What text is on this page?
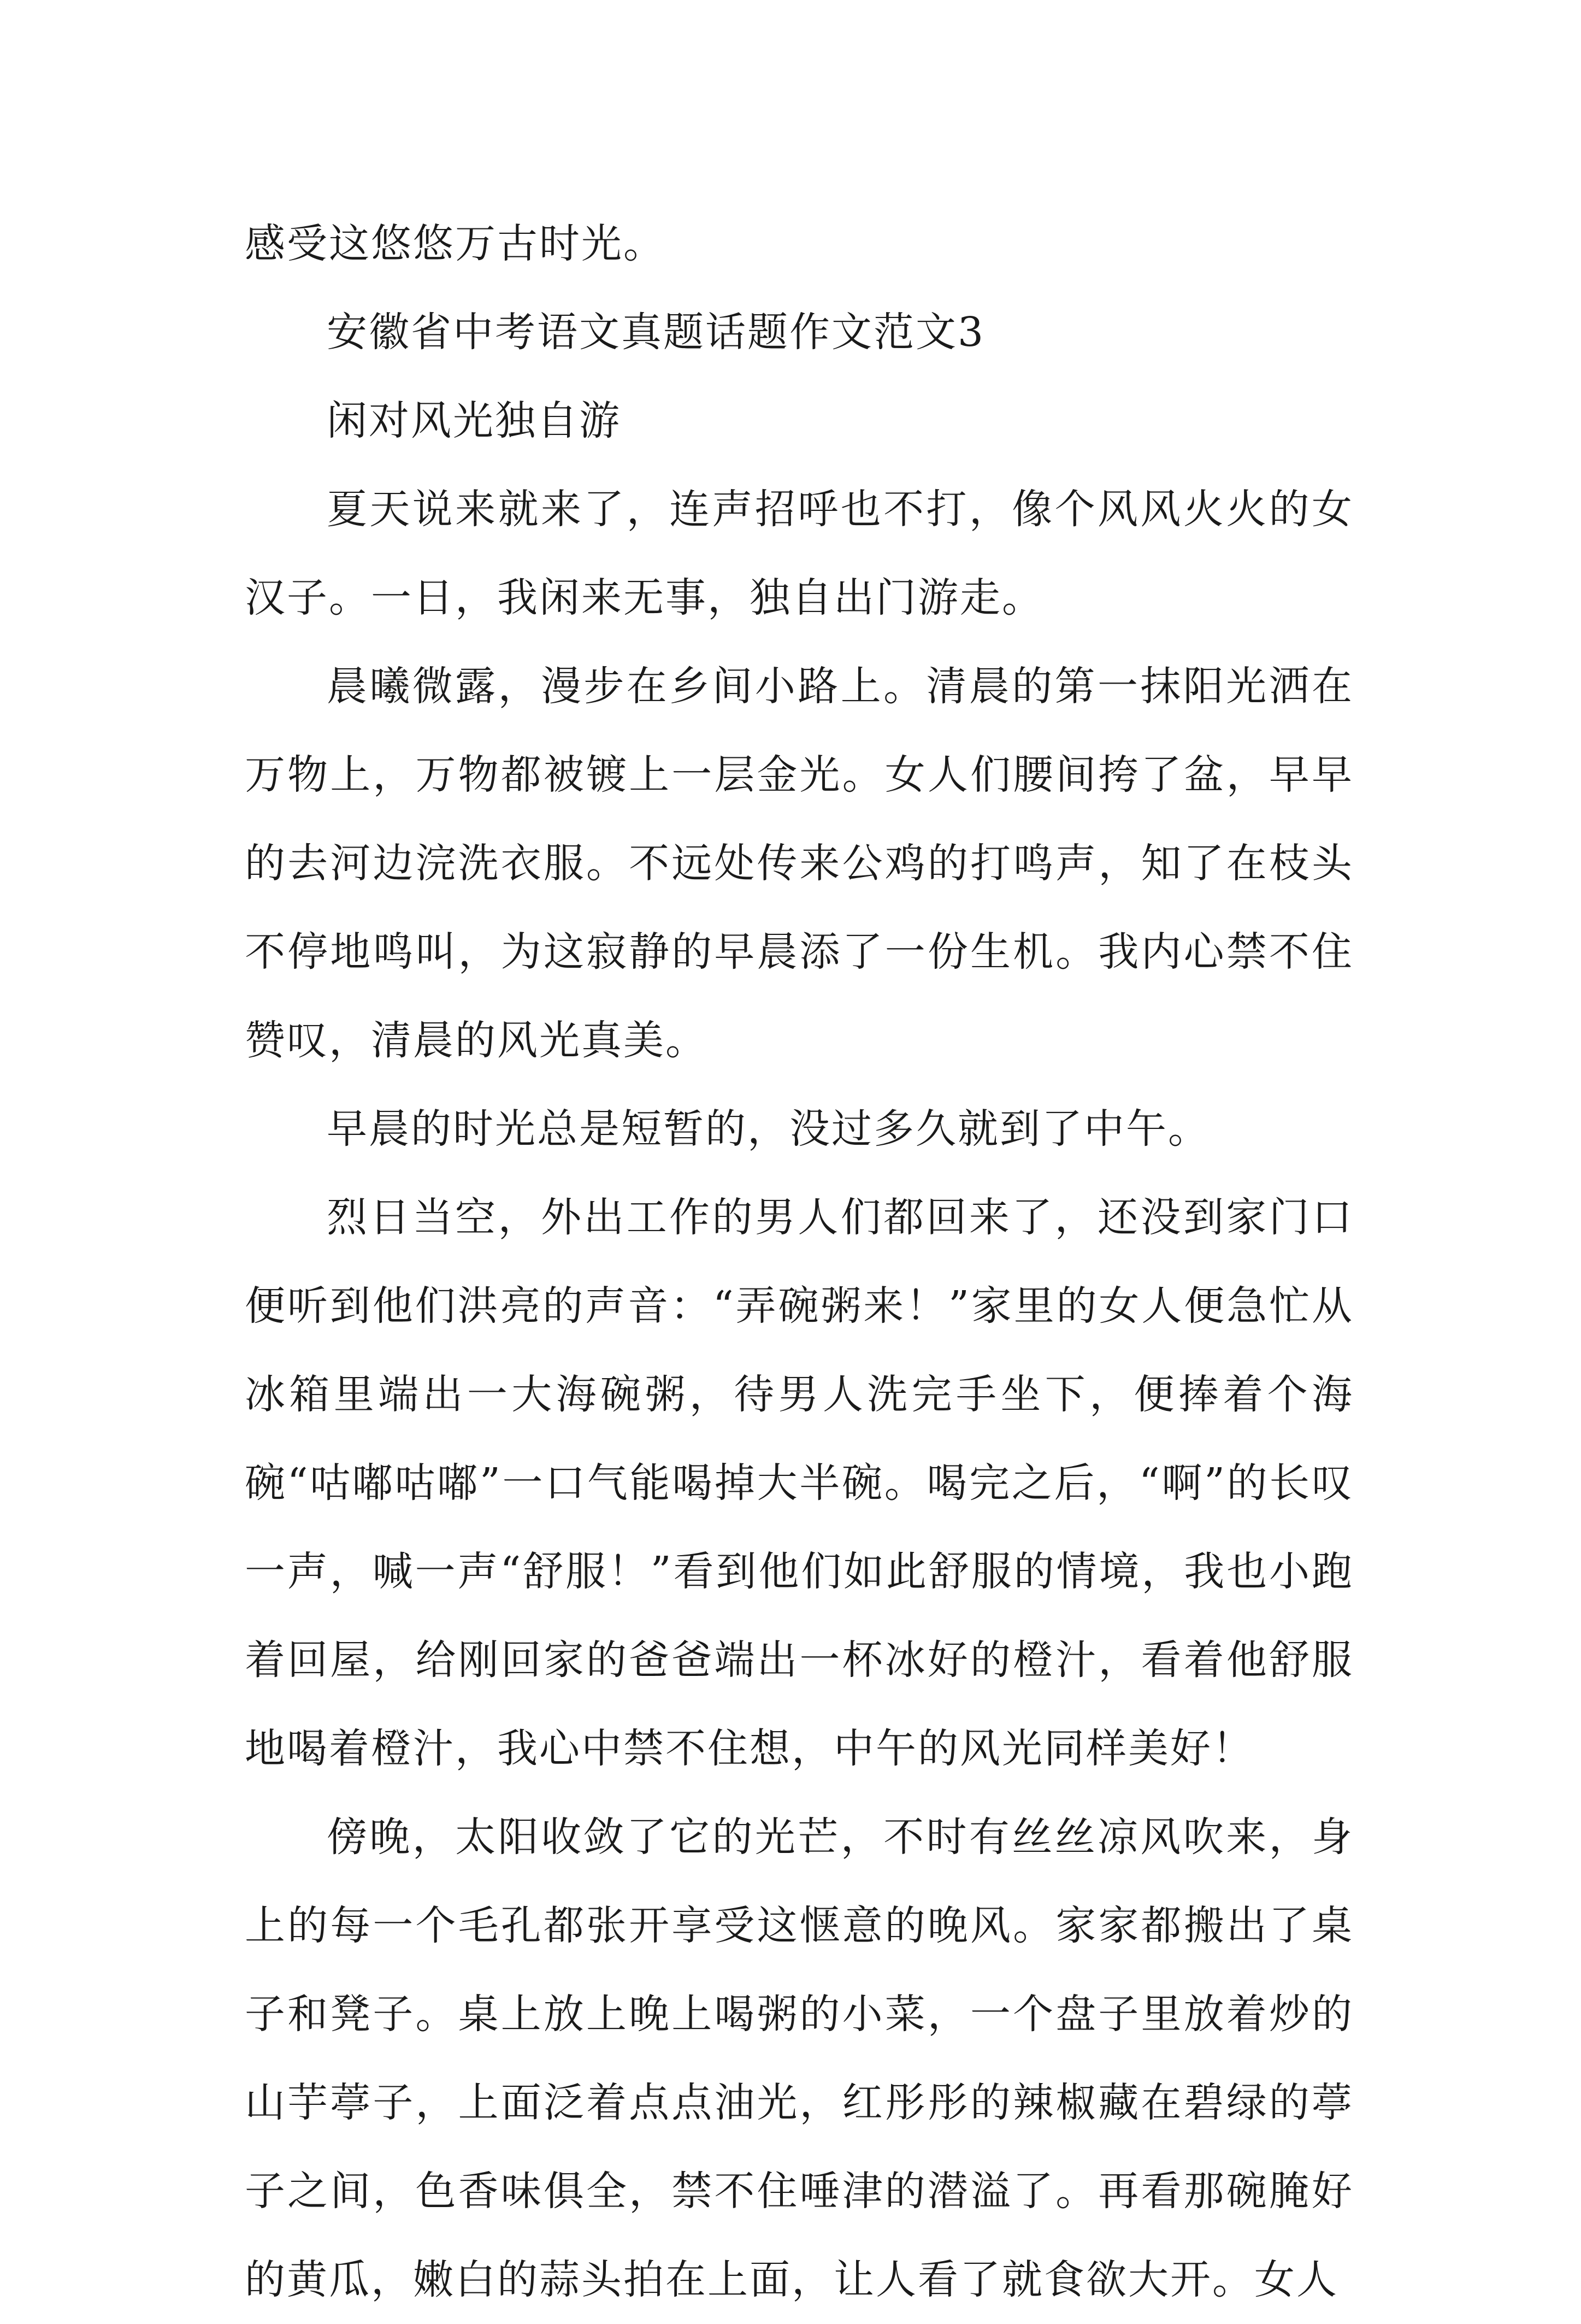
感受这悠悠万古时光。

安徽省中考语文真题话题作文范文3

闲对风光独自游

夏天说来就来了，连声招呼也不打，像个风风火火的女汉子。一日，我闲来无事，独自出门游走。

晨曦微露，漫步在乡间小路上。清晨的第一抹阳光洒在万物上，万物都被镀上一层金光。女人们腰间挎了盆，早早的去河边浣洗衣服。不远处传来公鸡的打鸣声，知了在枝头不停地鸣叫，为这寂静的早晨添了一份生机。我内心禁不住赞叹，清晨的风光真美。

早晨的时光总是短暂的，没过多久就到了中午。

烈日当空，外出工作的男人们都回来了，还没到家门口便听到他们洪亮的声音：“弄碗粥来！”家里的女人便急忙从冰箱里端出一大海碗粥，待男人洗完手坐下，便捧着个海碗“咕嘟咕嘟”一口气能喝掉大半碗。喝完之后，“啊”的长叹一声，喊一声“舒服！”看到他们如此舒服的情境，我也小跑着回屋，给刚回家的爸爸端出一杯冰好的橙汁，看着他舒服地喝着橙汁，我心中禁不住想，中午的风光同样美好！

傍晚，太阳收敛了它的光芒，不时有丝丝凉风吹来，身上的每一个毛孔都张开享受这惬意的晚风。家家都搬出了桌子和凳子。桌上放上晚上喝粥的小菜，一个盘子里放着炒的山芋葶子，上面泛着点点油光，红彤彤的辣椒藏在碧绿的葶子之间，色香味俱全，禁不住唾津的潜溢了。再看那碗腌好的黄瓜，嫩白的蒜头拍在上面，让人看了就食欲大开。女人
